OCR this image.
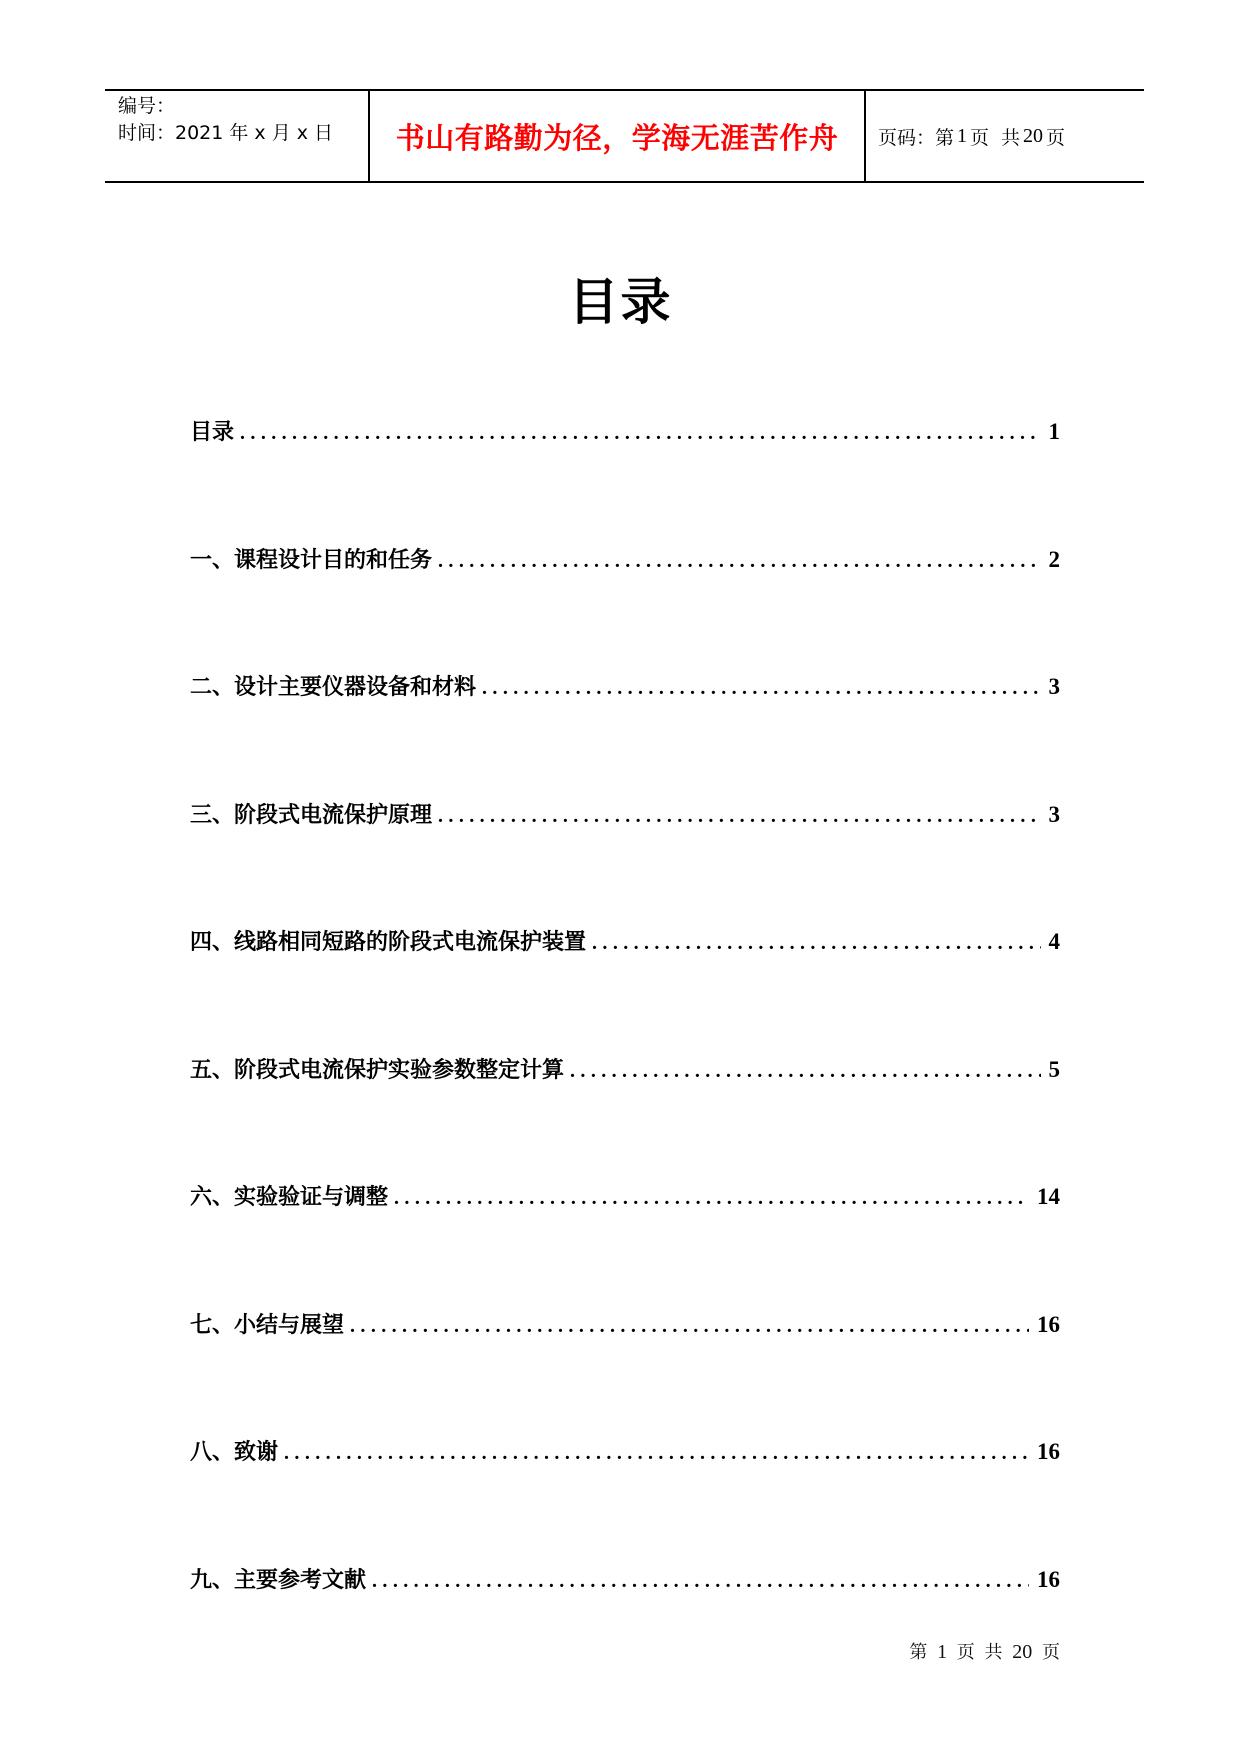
编号：
时间：2021 年 x 月 x 日	书山有路勤为径，学海无涯苦作舟 页码：第 1 页 共 20 页
目录
目录 .....	1
一、课程设计目的和任务 .....	2
二、设计主要仪器设备和材料 .....	3
三、阶段式电流保护原理 .....	3
四、线路相同短路的阶段式电流保护装置 .....	4
五、阶段式电流保护实验参数整定计算 .....	5
六、实验验证与调整 .....	14
七、小结与展望 .....	16
八、致谢 .....	16
九、主要参考文献 .....	16
第 1 页 共 20 页
